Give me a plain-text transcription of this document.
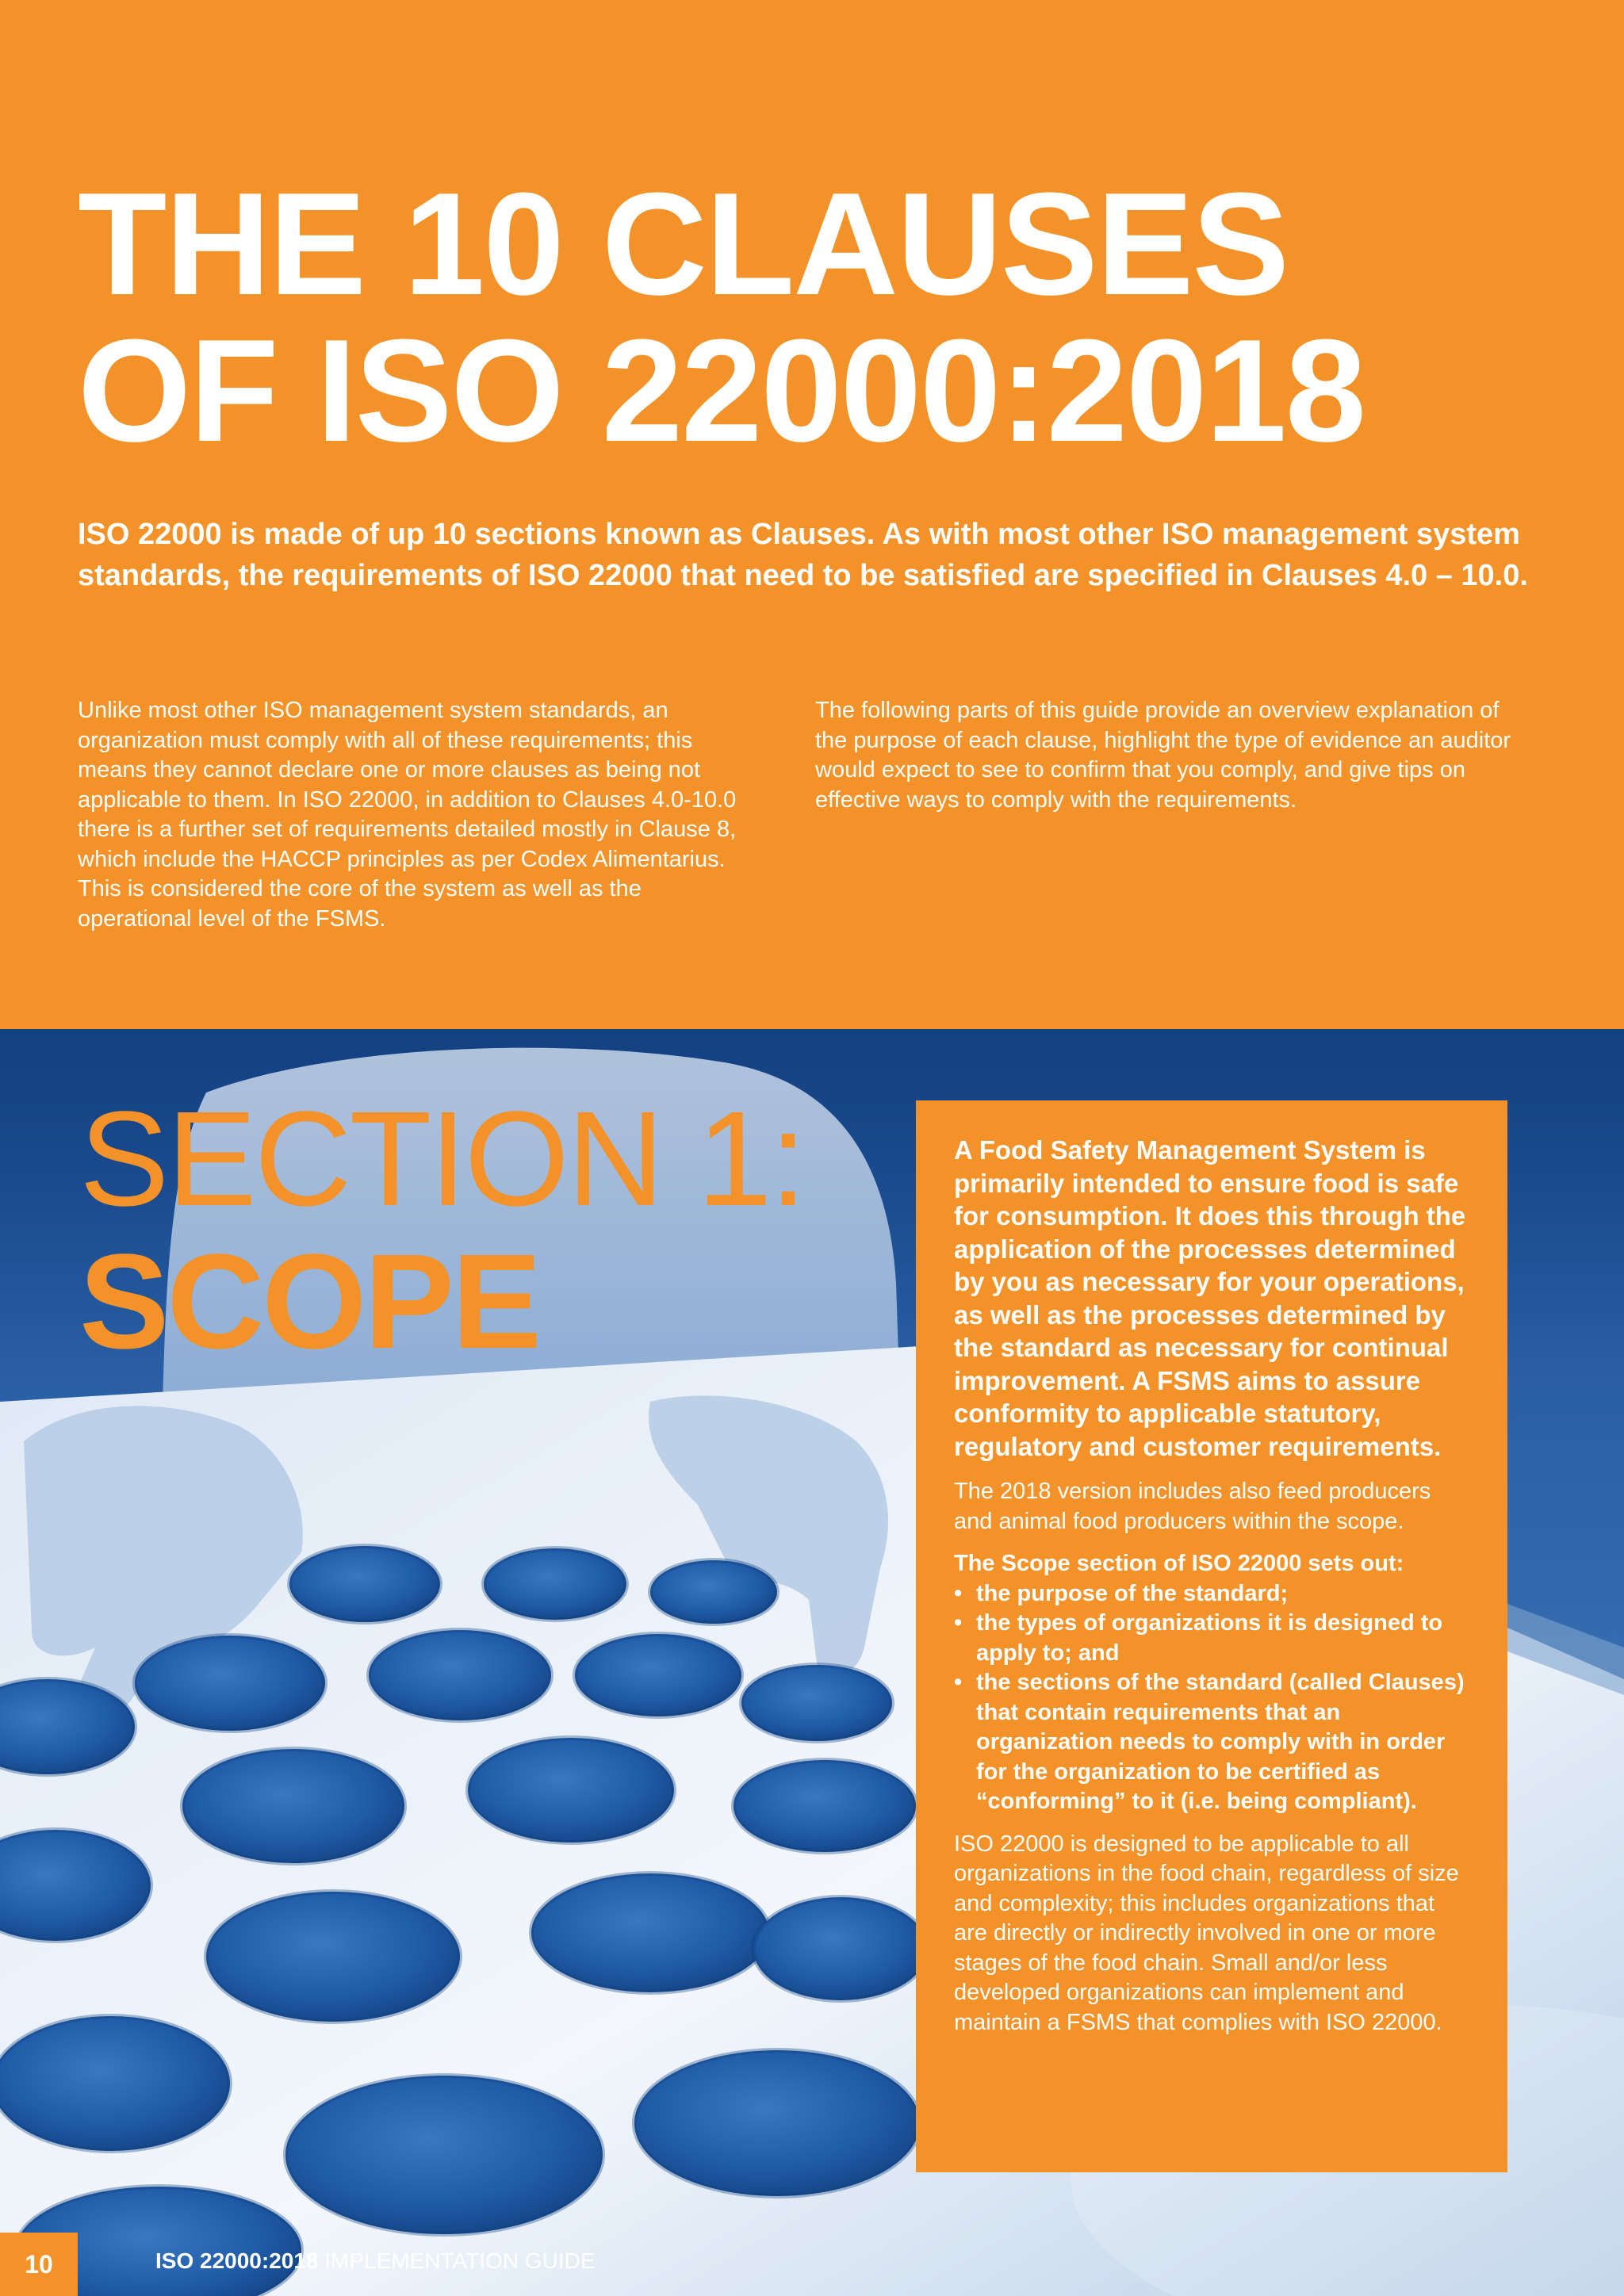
THE 10 CLAUSES
OF ISO 22000:2018

ISO 22000 is made of up 10 sections known as Clauses. As with most other ISO management system standards, the requirements of ISO 22000 that need to be satisfied are specified in Clauses 4.0 – 10.0.

Unlike most other ISO management system standards, an organization must comply with all of these requirements; this means they cannot declare one or more clauses as being not applicable to them. In ISO 22000, in addition to Clauses 4.0-10.0 there is a further set of requirements detailed mostly in Clause 8, which include the HACCP principles as per Codex Alimentarius. This is considered the core of the system as well as the operational level of the FSMS.

The following parts of this guide provide an overview explanation of the purpose of each clause, highlight the type of evidence an auditor would expect to see to confirm that you comply, and give tips on effective ways to comply with the requirements.

SECTION 1:
SCOPE

A Food Safety Management System is primarily intended to ensure food is safe for consumption. It does this through the application of the processes determined by you as necessary for your operations, as well as the processes determined by the standard as necessary for continual improvement. A FSMS aims to assure conformity to applicable statutory, regulatory and customer requirements.

The 2018 version includes also feed producers and animal food producers within the scope.

The Scope section of ISO 22000 sets out:

• the purpose of the standard;
• the types of organizations it is designed to apply to; and
• the sections of the standard (called Clauses) that contain requirements that an organization needs to comply with in order for the organization to be certified as “conforming” to it (i.e. being compliant).

ISO 22000 is designed to be applicable to all organizations in the food chain, regardless of size and complexity; this includes organizations that are directly or indirectly involved in one or more stages of the food chain. Small and/or less developed organizations can implement and maintain a FSMS that complies with ISO 22000.

10	ISO 22000:2018 IMPLEMENTATION GUIDE
